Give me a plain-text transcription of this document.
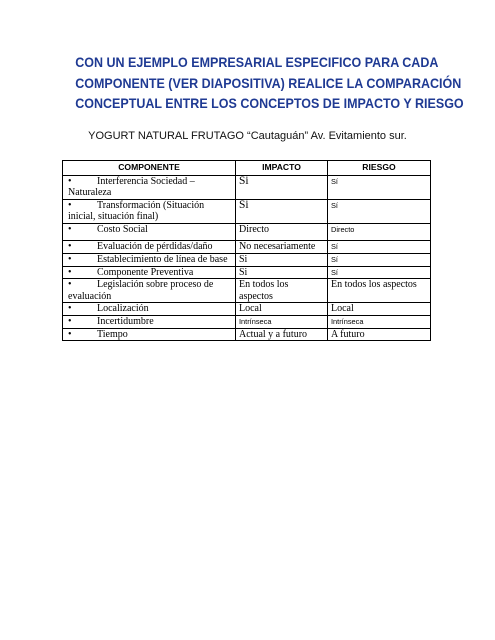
CON UN EJEMPLO EMPRESARIAL ESPECIFICO PARA CADA
COMPONENTE (VER DIAPOSITIVA) REALICE LA COMPARACIÓN
CONCEPTUAL ENTRE LOS CONCEPTOS DE IMPACTO Y RIESGO
YOGURT NATURAL FRUTAGO “Cautaguán” Av. Evitamiento sur.
COMPONENTE	IMPACTO	RIESGO

• Interferencia Sociedad –
Naturaleza	Si	Sí

• Transformación (Situación
inicial, situación final)	Si	Sí

• Costo Social	Directo	Directo

• Evaluación de pérdidas/daño	No necesariamente	Sí

• Establecimiento de línea de base	Si	Sí

• Componente Preventiva	Si	Sí

• Legislación sobre proceso de
evaluación	En todos los aspectos	En todos los aspectos

• Localización	Local	Local

• Incertidumbre	Intrínseca	Intrínseca

• Tiempo	Actual y a futuro	A futuro
